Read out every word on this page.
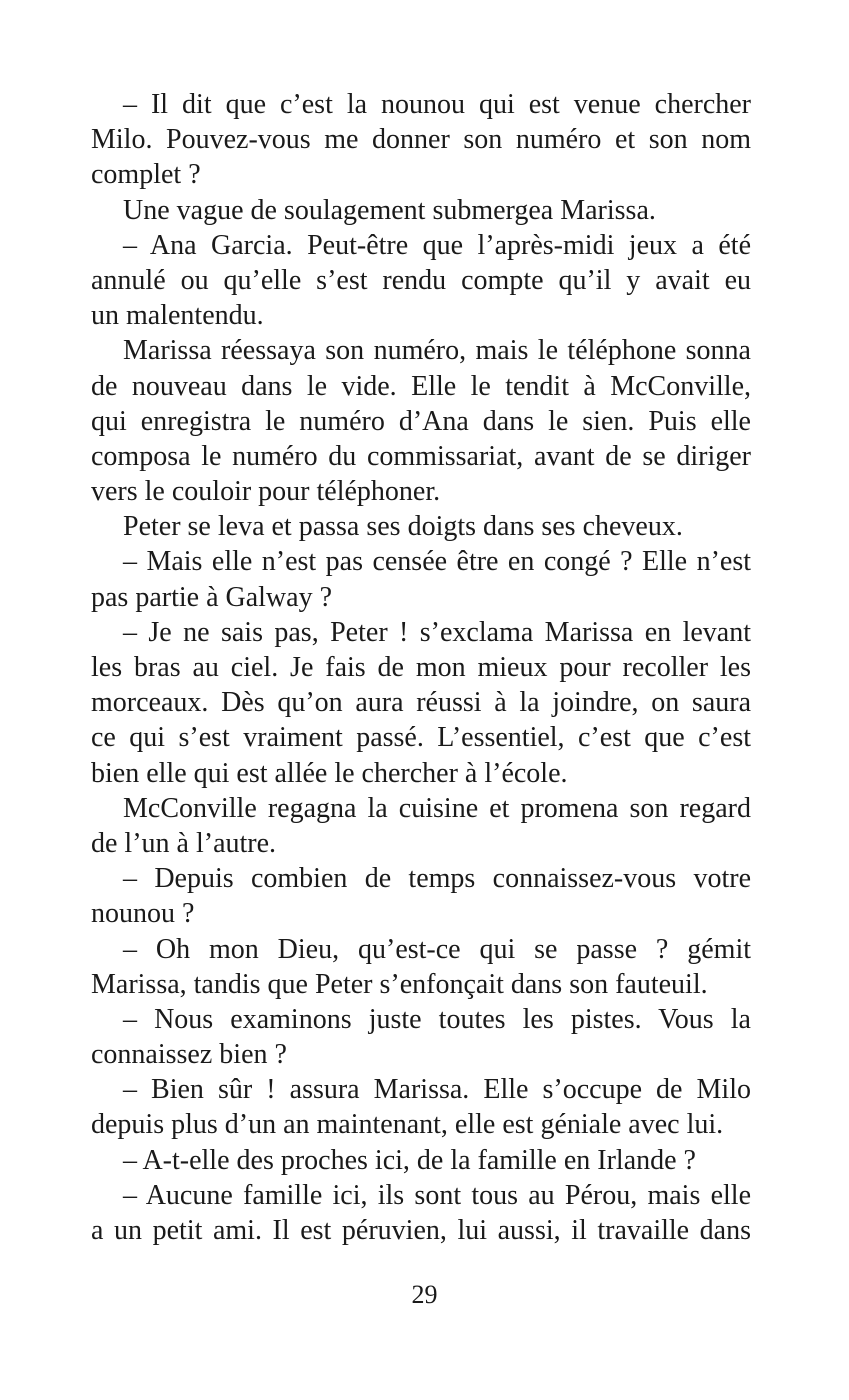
– Il dit que c’est la nounou qui est venue chercher
Milo. Pouvez-vous me donner son numéro et son nom
complet ?
Une vague de soulagement submergea Marissa.
– Ana Garcia. Peut-être que l’après-midi jeux a été
annulé ou qu’elle s’est rendu compte qu’il y avait eu
un malentendu.
Marissa réessaya son numéro, mais le téléphone sonna
de nouveau dans le vide. Elle le tendit à McConville,
qui enregistra le numéro d’Ana dans le sien. Puis elle
composa le numéro du commissariat, avant de se diriger
vers le couloir pour téléphoner.
Peter se leva et passa ses doigts dans ses cheveux.
– Mais elle n’est pas censée être en congé ? Elle n’est
pas partie à Galway ?
– Je ne sais pas, Peter ! s’exclama Marissa en levant
les bras au ciel. Je fais de mon mieux pour recoller les
morceaux. Dès qu’on aura réussi à la joindre, on saura
ce qui s’est vraiment passé. L’essentiel, c’est que c’est
bien elle qui est allée le chercher à l’école.
McConville regagna la cuisine et promena son regard
de l’un à l’autre.
– Depuis combien de temps connaissez-vous votre
nounou ?
– Oh mon Dieu, qu’est-ce qui se passe ? gémit
Marissa, tandis que Peter s’enfonçait dans son fauteuil.
– Nous examinons juste toutes les pistes. Vous la
connaissez bien ?
– Bien sûr ! assura Marissa. Elle s’occupe de Milo
depuis plus d’un an maintenant, elle est géniale avec lui.
– A-t-elle des proches ici, de la famille en Irlande ?
– Aucune famille ici, ils sont tous au Pérou, mais elle
a un petit ami. Il est péruvien, lui aussi, il travaille dans
29
